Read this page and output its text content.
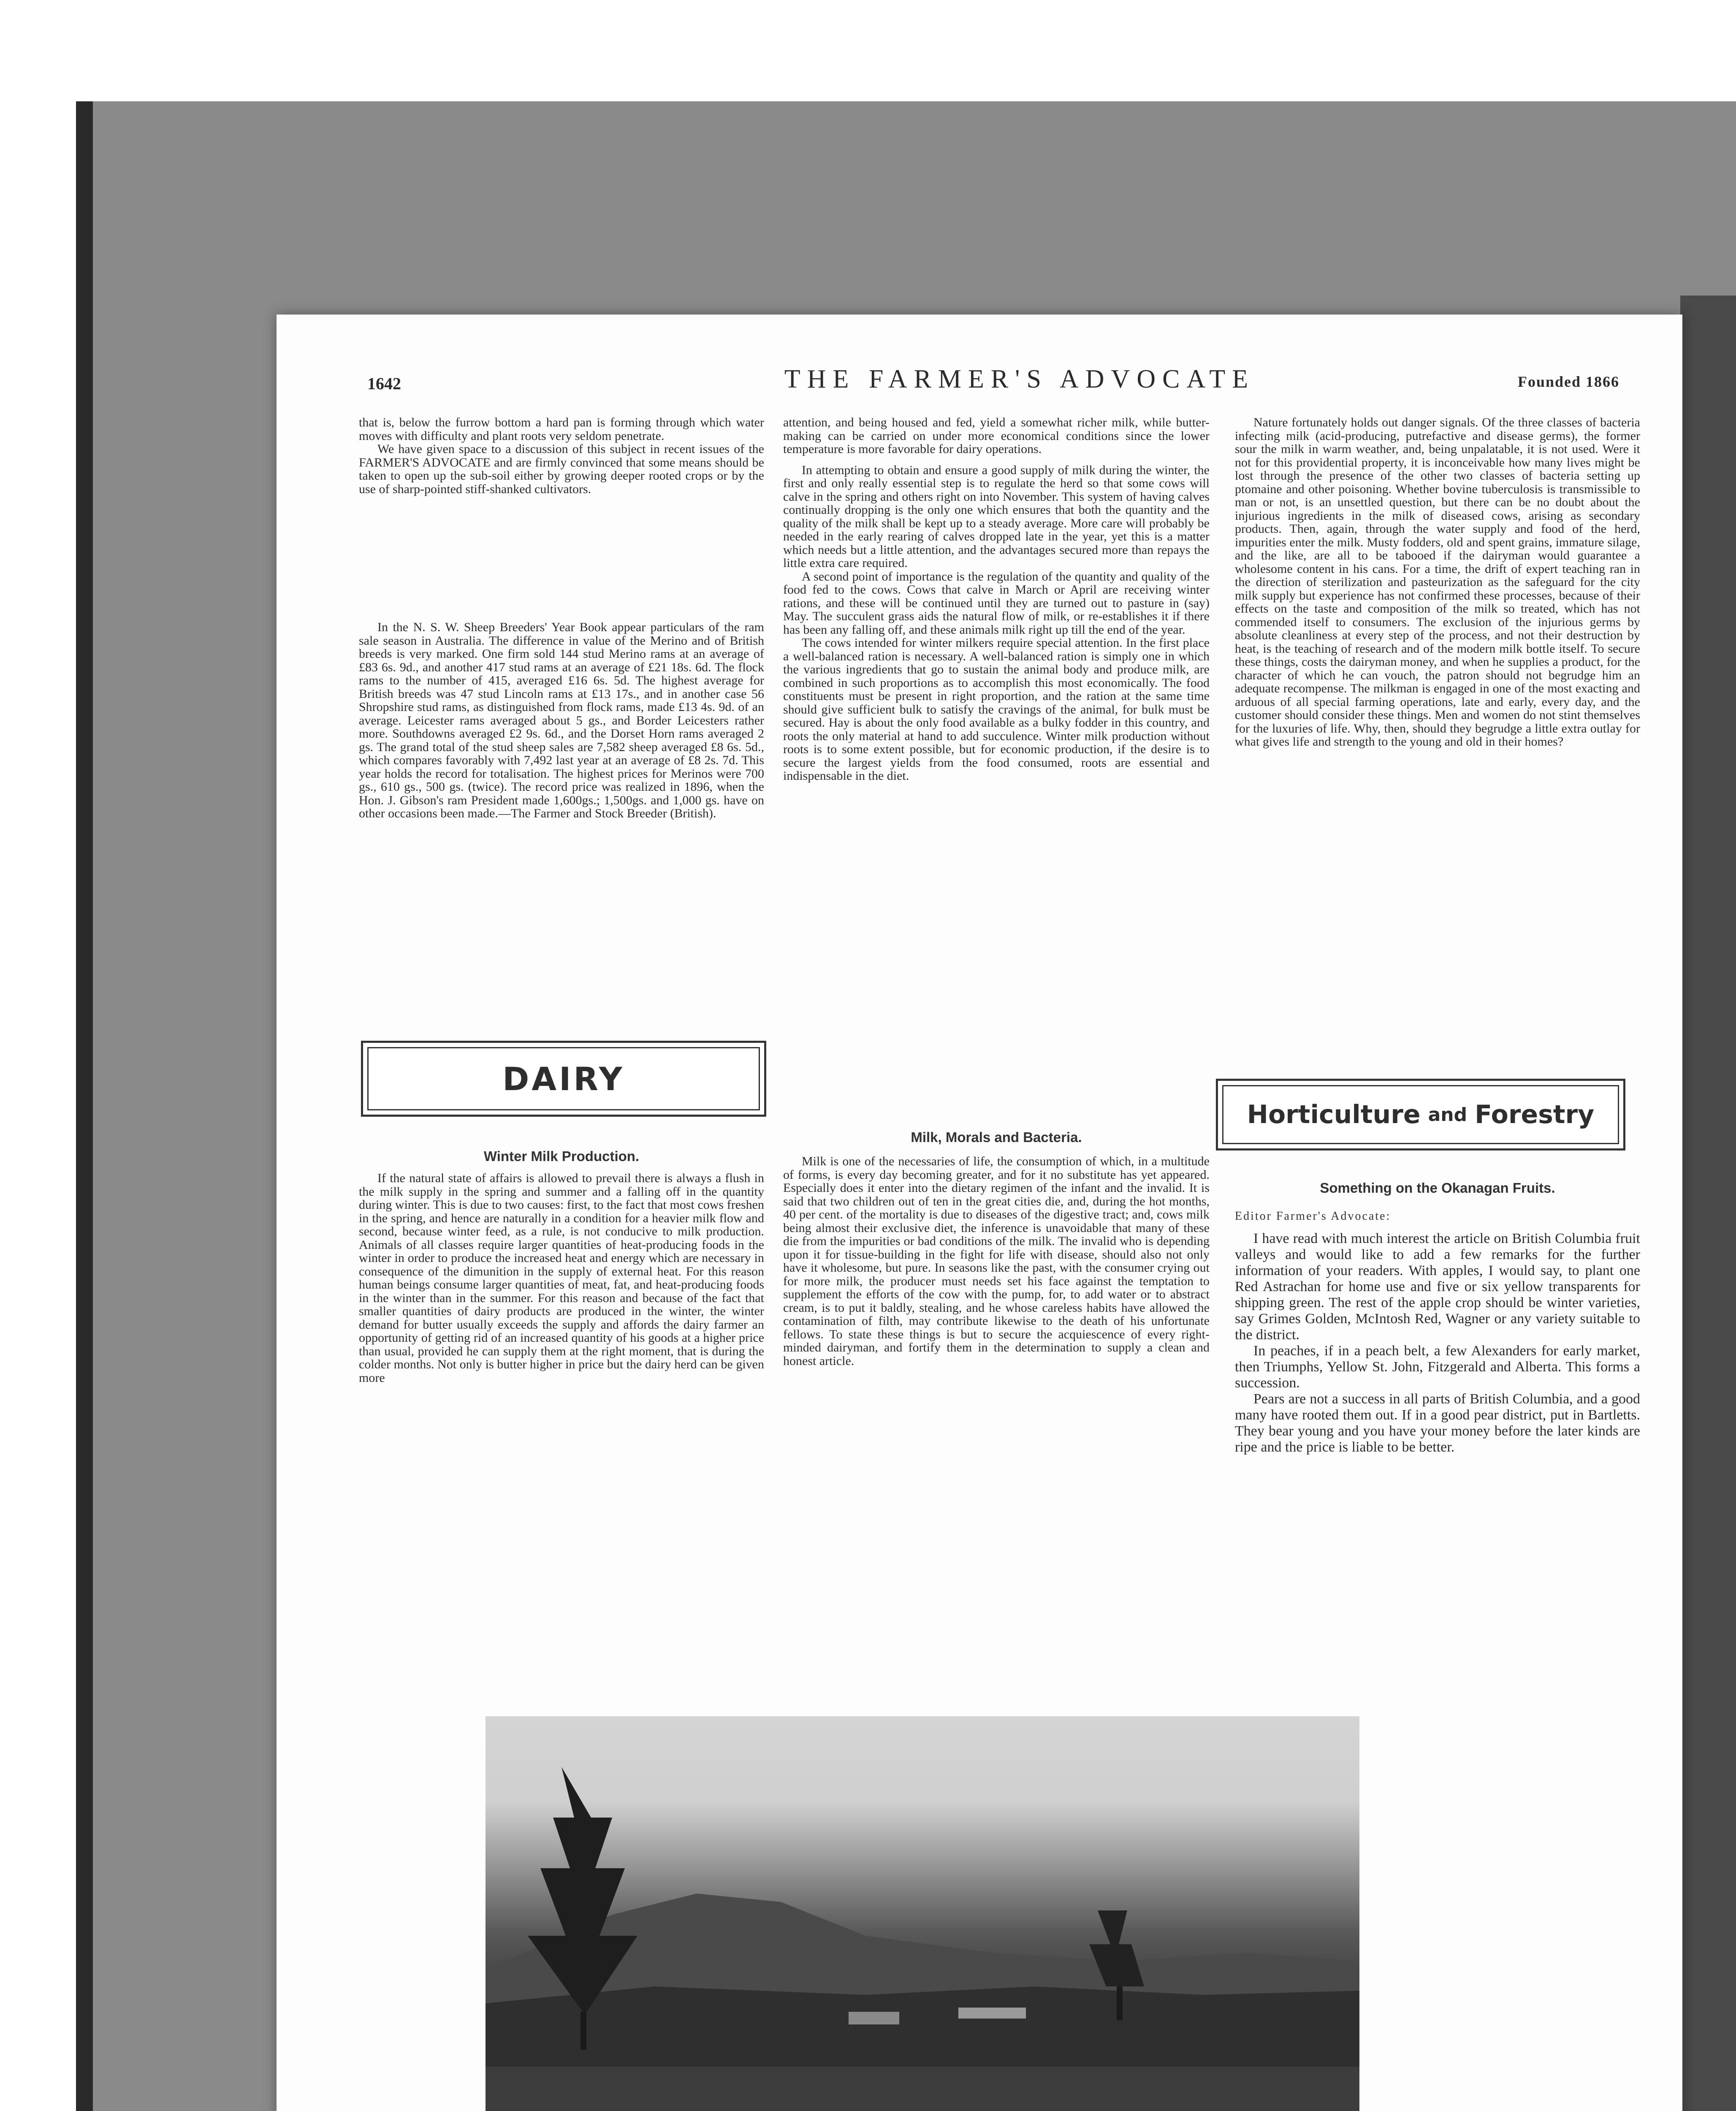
1642	THE FARMER'S ADVOCATE	Founded 1866

that is, below the furrow bottom a hard pan is forming through which water moves with difficulty and plant roots very seldom penetrate.

We have given space to a discussion of this subject in recent issues of the FARMER'S ADVOCATE and are firmly convinced that some means should be taken to open up the sub-soil either by growing deeper rooted crops or by the use of sharp-pointed stiff-shanked cultivators.

In the N. S. W. Sheep Breeders' Year Book appear particulars of the ram sale season in Australia. The difference in value of the Merino and of British breeds is very marked. One firm sold 144 stud Merino rams at an average of £83 6s. 9d., and another 417 stud rams at an average of £21 18s. 6d. The flock rams to the number of 415, averaged £16 6s. 5d. The highest average for British breeds was 47 stud Lincoln rams at £13 17s., and in another case 56 Shropshire stud rams, as distinguished from flock rams, made £13 4s. 9d. of an average. Leicester rams averaged about 5 gs., and Border Leicesters rather more. Southdowns averaged £2 9s. 6d., and the Dorset Horn rams averaged 2 gs. The grand total of the stud sheep sales are 7,582 sheep averaged £8 6s. 5d., which compares favorably with 7,492 last year at an average of £8 2s. 7d. This year holds the record for totalisation. The highest prices for Merinos were 700 gs., 610 gs., 500 gs. (twice). The record price was realized in 1896, when the Hon. J. Gibson's ram President made 1,600gs.; 1,500gs. and 1,000 gs. have on other occasions been made.—The Farmer and Stock Breeder (British).

DAIRY
Winter Milk Production.

If the natural state of affairs is allowed to prevail there is always a flush in the milk supply in the spring and summer and a falling off in the quantity during winter. This is due to two causes: first, to the fact that most cows freshen in the spring, and hence are naturally in a condition for a heavier milk flow and second, because winter feed, as a rule, is not conducive to milk production. Animals of all classes require larger quantities of heat-producing foods in the winter in order to produce the increased heat and energy which are necessary in consequence of the dimunition in the supply of external heat. For this reason human beings consume larger quantities of meat, fat, and heat-producing foods in the winter than in the summer. For this reason and because of the fact that smaller quantities of dairy products are produced in the winter, the winter demand for butter usually exceeds the supply and affords the dairy farmer an opportunity of getting rid of an increased quantity of his goods at a higher price than usual, provided he can supply them at the right moment, that is during the colder months. Not only is butter higher in price but the dairy herd can be given more

attention, and being housed and fed, yield a somewhat richer milk, while butter-making can be carried on under more economical conditions since the lower temperature is more favorable for dairy operations.

In attempting to obtain and ensure a good supply of milk during the winter, the first and only really essential step is to regulate the herd so that some cows will calve in the spring and others right on into November. This system of having calves continually dropping is the only one which ensures that both the quantity and the quality of the milk shall be kept up to a steady average. More care will probably be needed in the early rearing of calves dropped late in the year, yet this is a matter which needs but a little attention, and the advantages secured more than repays the little extra care required.

A second point of importance is the regulation of the quantity and quality of the food fed to the cows. Cows that calve in March or April are receiving winter rations, and these will be continued until they are turned out to pasture in (say) May. The succulent grass aids the natural flow of milk, or re-establishes it if there has been any falling off, and these animals milk right up till the end of the year.

The cows intended for winter milkers require special attention. In the first place a well-balanced ration is necessary. A well-balanced ration is simply one in which the various ingredients that go to sustain the animal body and produce milk, are combined in such proportions as to accomplish this most economically. The food constituents must be present in right proportion, and the ration at the same time should give sufficient bulk to satisfy the cravings of the animal, for bulk must be secured. Hay is about the only food available as a bulky fodder in this country, and roots the only material at hand to add succulence. Winter milk production without roots is to some extent possible, but for economic production, if the desire is to secure the largest yields from the food consumed, roots are essential and indispensable in the diet.

Milk, Morals and Bacteria.

Milk is one of the necessaries of life, the consumption of which, in a multitude of forms, is every day becoming greater, and for it no substitute has yet appeared. Especially does it enter into the dietary regimen of the infant and the invalid. It is said that two children out of ten in the great cities die, and, during the hot months, 40 per cent. of the mortality is due to diseases of the digestive tract; and, cows milk being almost their exclusive diet, the inference is unavoidable that many of these die from the impurities or bad conditions of the milk. The invalid who is depending upon it for tissue-building in the fight for life with disease, should also not only have it wholesome, but pure. In seasons like the past, with the consumer crying out for more milk, the producer must needs set his face against the temptation to supplement the efforts of the cow with the pump, for, to add water or to abstract cream, is to put it baldly, stealing, and he whose careless habits have allowed the contamination of filth, may contribute likewise to the death of his unfortunate fellows. To state these things is but to secure the acquiescence of every right-minded dairyman, and fortify them in the determination to supply a clean and honest article.

Nature fortunately holds out danger signals. Of the three classes of bacteria infecting milk (acid-producing, putrefactive and disease germs), the former sour the milk in warm weather, and, being unpalatable, it is not used. Were it not for this providential property, it is inconceivable how many lives might be lost through the presence of the other two classes of bacteria setting up ptomaine and other poisoning. Whether bovine tuberculosis is transmissible to man or not, is an unsettled question, but there can be no doubt about the injurious ingredients in the milk of diseased cows, arising as secondary products. Then, again, through the water supply and food of the herd, impurities enter the milk. Musty fodders, old and spent grains, immature silage, and the like, are all to be tabooed if the dairyman would guarantee a wholesome content in his cans. For a time, the drift of expert teaching ran in the direction of sterilization and pasteurization as the safeguard for the city milk supply but experience has not confirmed these processes, because of their effects on the taste and composition of the milk so treated, which has not commended itself to consumers. The exclusion of the injurious germs by absolute cleanliness at every step of the process, and not their destruction by heat, is the teaching of research and of the modern milk bottle itself. To secure these things, costs the dairyman money, and when he supplies a product, for the character of which he can vouch, the patron should not begrudge him an adequate recompense. The milkman is engaged in one of the most exacting and arduous of all special farming operations, late and early, every day, and the customer should consider these things. Men and women do not stint themselves for the luxuries of life. Why, then, should they begrudge a little extra outlay for what gives life and strength to the young and old in their homes?

Horticulture and Forestry
Something on the Okanagan Fruits.
Editor Farmer's Advocate:

I have read with much interest the article on British Columbia fruit valleys and would like to add a few remarks for the further information of your readers. With apples, I would say, to plant one Red Astrachan for home use and five or six yellow transparents for shipping green. The rest of the apple crop should be winter varieties, say Grimes Golden, McIntosh Red, Wagner or any variety suitable to the district.

In peaches, if in a peach belt, a few Alexanders for early market, then Triumphs, Yellow St. John, Fitzgerald and Alberta. This forms a succession.

Pears are not a success in all parts of British Columbia, and a good many have rooted them out. If in a good pear district, put in Bartletts. They bear young and you have your money before the later kinds are ripe and the price is liable to be better.
